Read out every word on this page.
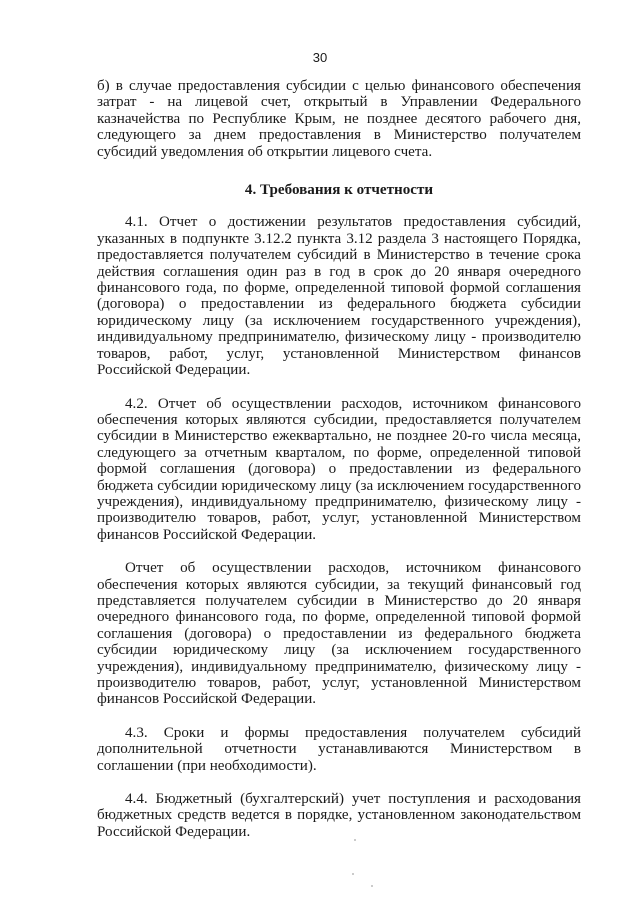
30

б) в случае предоставления субсидии с целью финансового обеспечения затрат - на лицевой счет, открытый в Управлении Федерального казначейства по Республике Крым, не позднее десятого рабочего дня, следующего за днем предоставления в Министерство получателем субсидий уведомления об открытии лицевого счета.

4. Требования к отчетности

4.1. Отчет о достижении результатов предоставления субсидий, указанных в подпункте 3.12.2 пункта 3.12 раздела 3 настоящего Порядка, предоставляется получателем субсидий в Министерство в течение срока действия соглашения один раз в год в срок до 20 января очередного финансового года, по форме, определенной типовой формой соглашения (договора) о предоставлении из федерального бюджета субсидии юридическому лицу (за исключением государственного учреждения), индивидуальному предпринимателю, физическому лицу - производителю товаров, работ, услуг, установленной Министерством финансов Российской Федерации.

4.2. Отчет об осуществлении расходов, источником финансового обеспечения которых являются субсидии, предоставляется получателем субсидии в Министерство ежеквартально, не позднее 20-го числа месяца, следующего за отчетным кварталом, по форме, определенной типовой формой соглашения (договора) о предоставлении из федерального бюджета субсидии юридическому лицу (за исключением государственного учреждения), индивидуальному предпринимателю, физическому лицу - производителю товаров, работ, услуг, установленной Министерством финансов Российской Федерации.

Отчет об осуществлении расходов, источником финансового обеспечения которых являются субсидии, за текущий финансовый год представляется получателем субсидии в Министерство до 20 января очередного финансового года, по форме, определенной типовой формой соглашения (договора) о предоставлении из федерального бюджета субсидии юридическому лицу (за исключением государственного учреждения), индивидуальному предпринимателю, физическому лицу - производителю товаров, работ, услуг, установленной Министерством финансов Российской Федерации.

4.3. Сроки и формы предоставления получателем субсидий дополнительной отчетности устанавливаются Министерством в соглашении (при необходимости).

4.4. Бюджетный (бухгалтерский) учет поступления и расходования бюджетных средств ведется в порядке, установленном законодательством Российской Федерации.
